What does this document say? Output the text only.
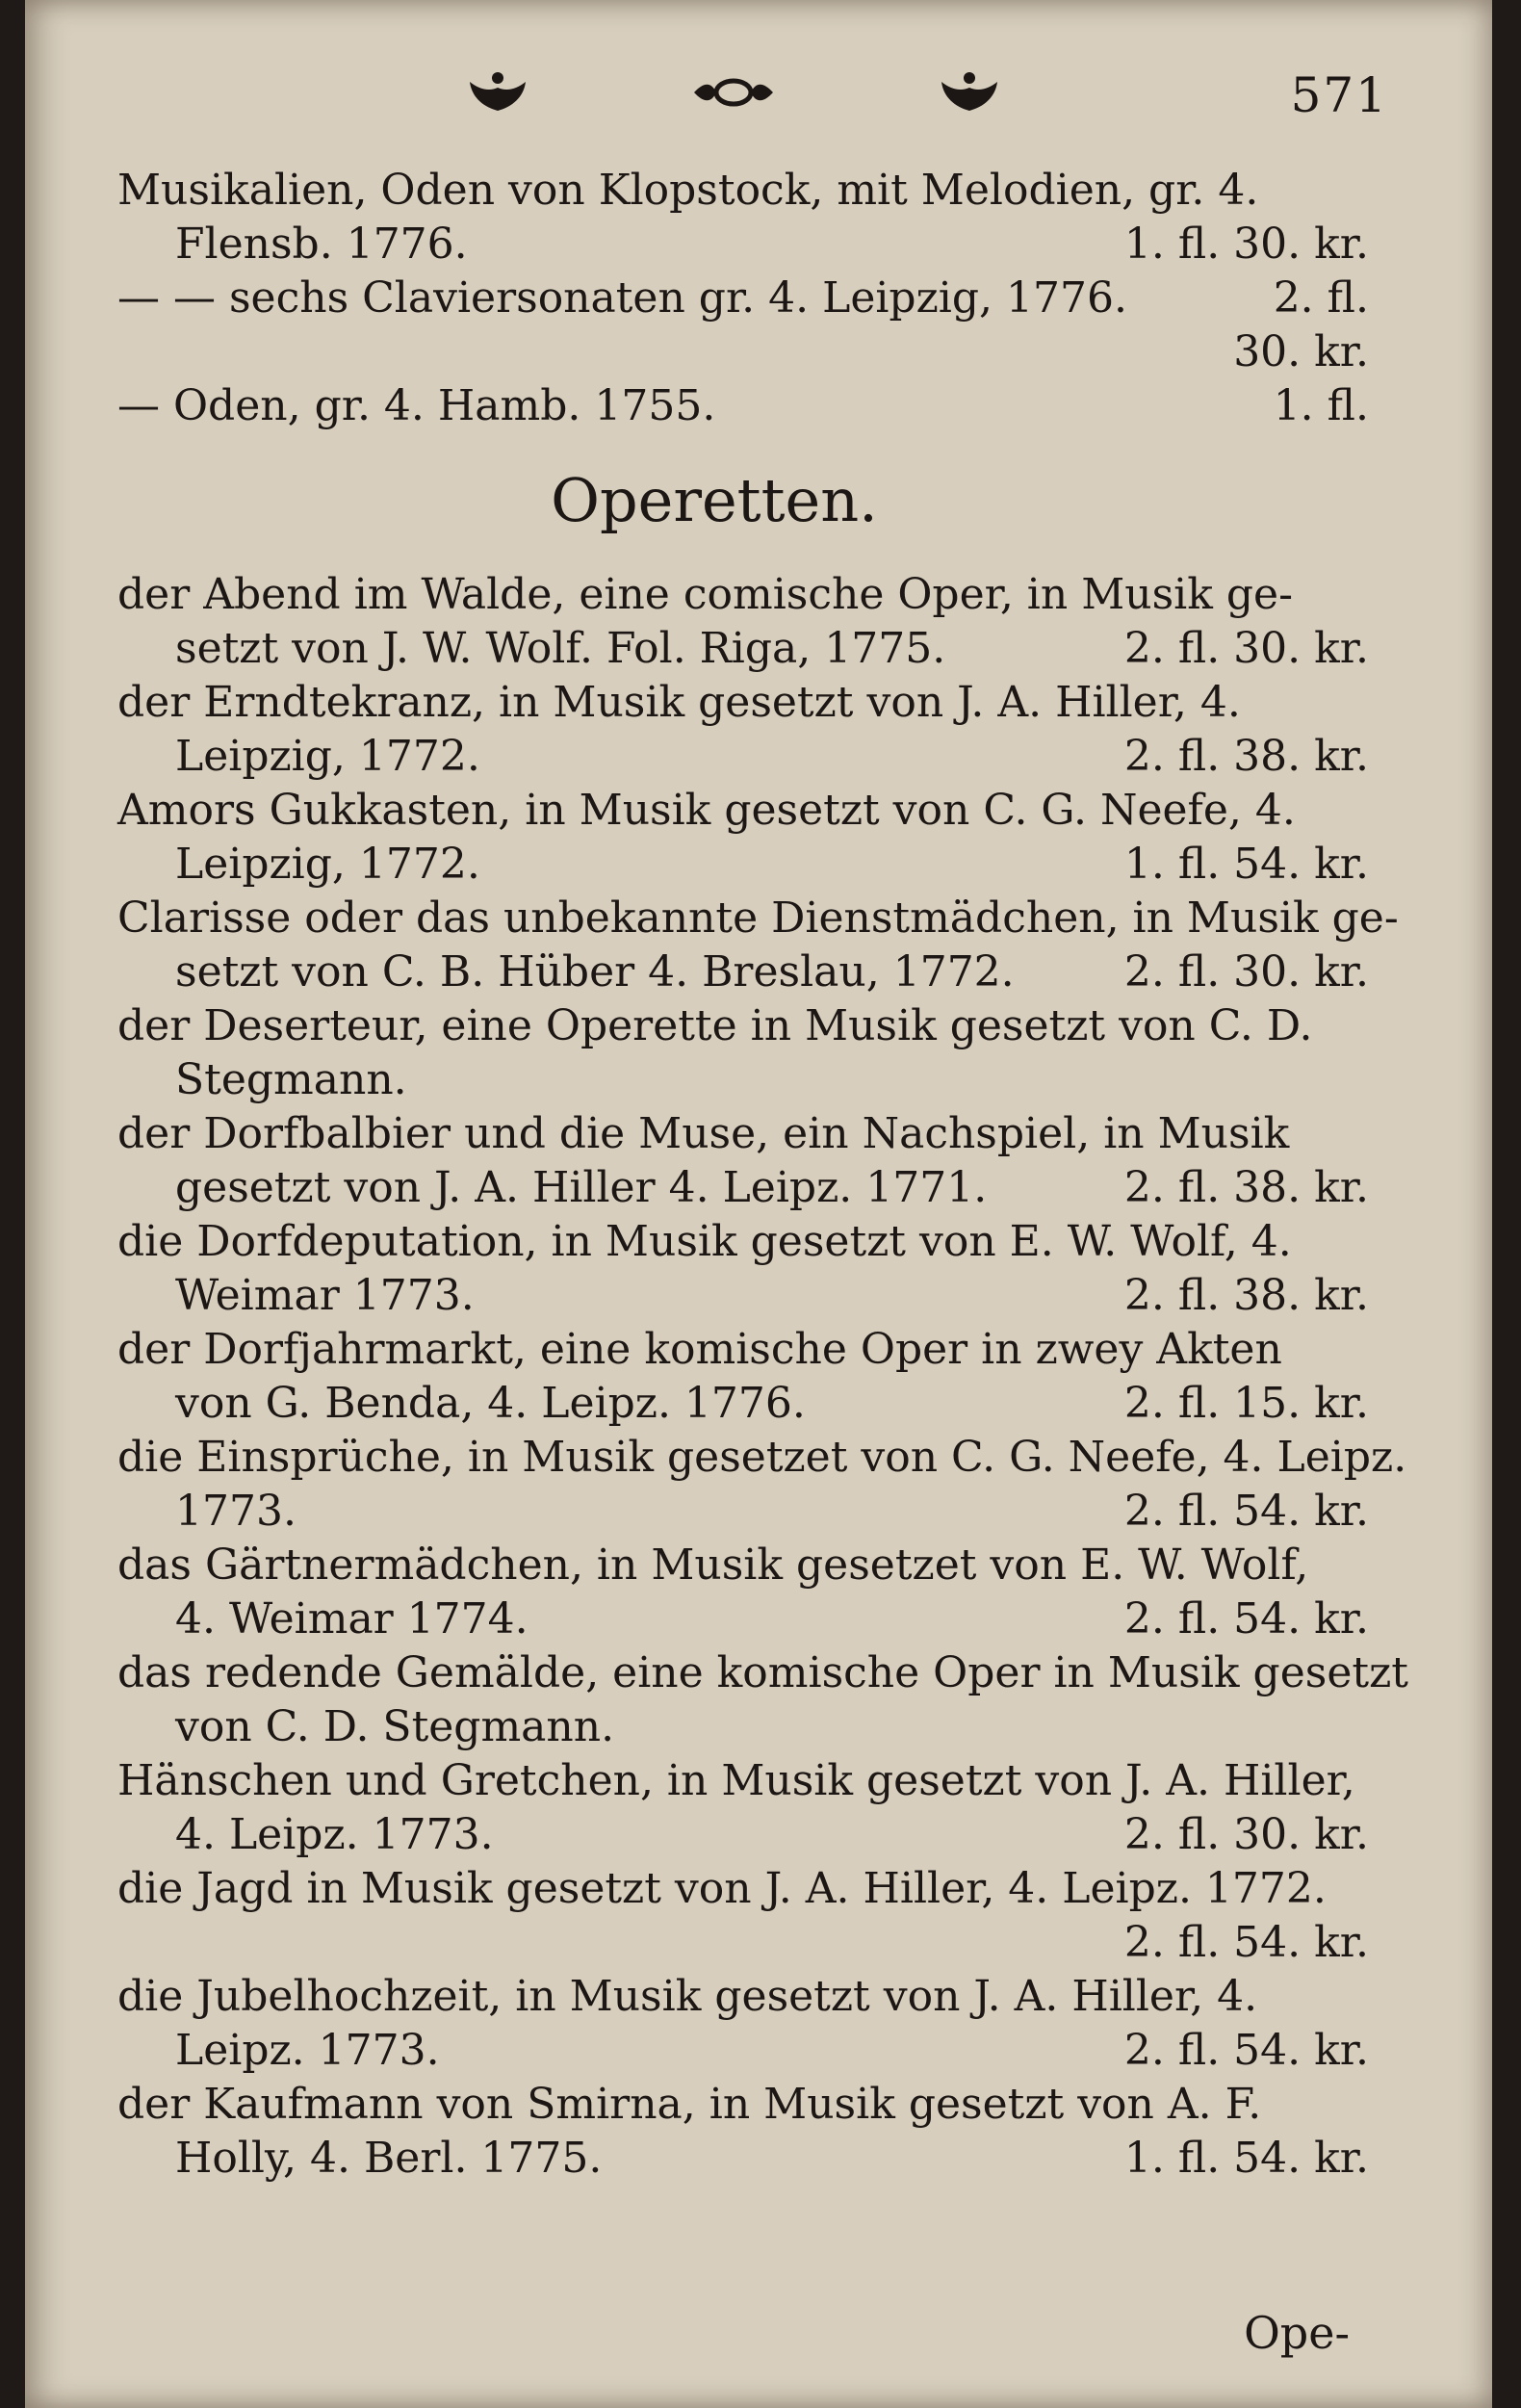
571
Musikalien, Oden von Klopstock, mit Melodien, gr. 4.
Flensb. 1776.	1. fl. 30. kr.
— — sechs Claviersonaten gr. 4. Leipzig, 1776.	2. fl.
30. kr.
— Oden, gr. 4. Hamb. 1755.	1. fl.
Operetten.
der Abend im Walde, eine comische Oper, in Musik ge-
setzt von J. W. Wolf. Fol. Riga, 1775.	2. fl. 30. kr.
der Erndtekranz, in Musik gesetzt von J. A. Hiller, 4.
Leipzig, 1772.	2. fl. 38. kr.
Amors Gukkasten, in Musik gesetzt von C. G. Neefe, 4.
Leipzig, 1772.	1. fl. 54. kr.
Clarisse oder das unbekannte Dienstmädchen, in Musik ge-
setzt von C. B. Hüber 4. Breslau, 1772.	2. fl. 30. kr.
der Deserteur, eine Operette in Musik gesetzt von C. D.
Stegmann.
der Dorfbalbier und die Muse, ein Nachspiel, in Musik
gesetzt von J. A. Hiller 4. Leipz. 1771.	2. fl. 38. kr.
die Dorfdeputation, in Musik gesetzt von E. W. Wolf, 4.
Weimar 1773.	2. fl. 38. kr.
der Dorfjahrmarkt, eine komische Oper in zwey Akten
von G. Benda, 4. Leipz. 1776.	2. fl. 15. kr.
die Einsprüche, in Musik gesetzet von C. G. Neefe, 4. Leipz.
1773.	2. fl. 54. kr.
das Gärtnermädchen, in Musik gesetzet von E. W. Wolf,
4. Weimar 1774.	2. fl. 54. kr.
das redende Gemälde, eine komische Oper in Musik gesetzt
von C. D. Stegmann.
Hänschen und Gretchen, in Musik gesetzt von J. A. Hiller,
4. Leipz. 1773.	2. fl. 30. kr.
die Jagd in Musik gesetzt von J. A. Hiller, 4. Leipz. 1772.
2. fl. 54. kr.
die Jubelhochzeit, in Musik gesetzt von J. A. Hiller, 4.
Leipz. 1773.	2. fl. 54. kr.
der Kaufmann von Smirna, in Musik gesetzt von A. F.
Holly, 4. Berl. 1775.	1. fl. 54. kr.
Ope-
